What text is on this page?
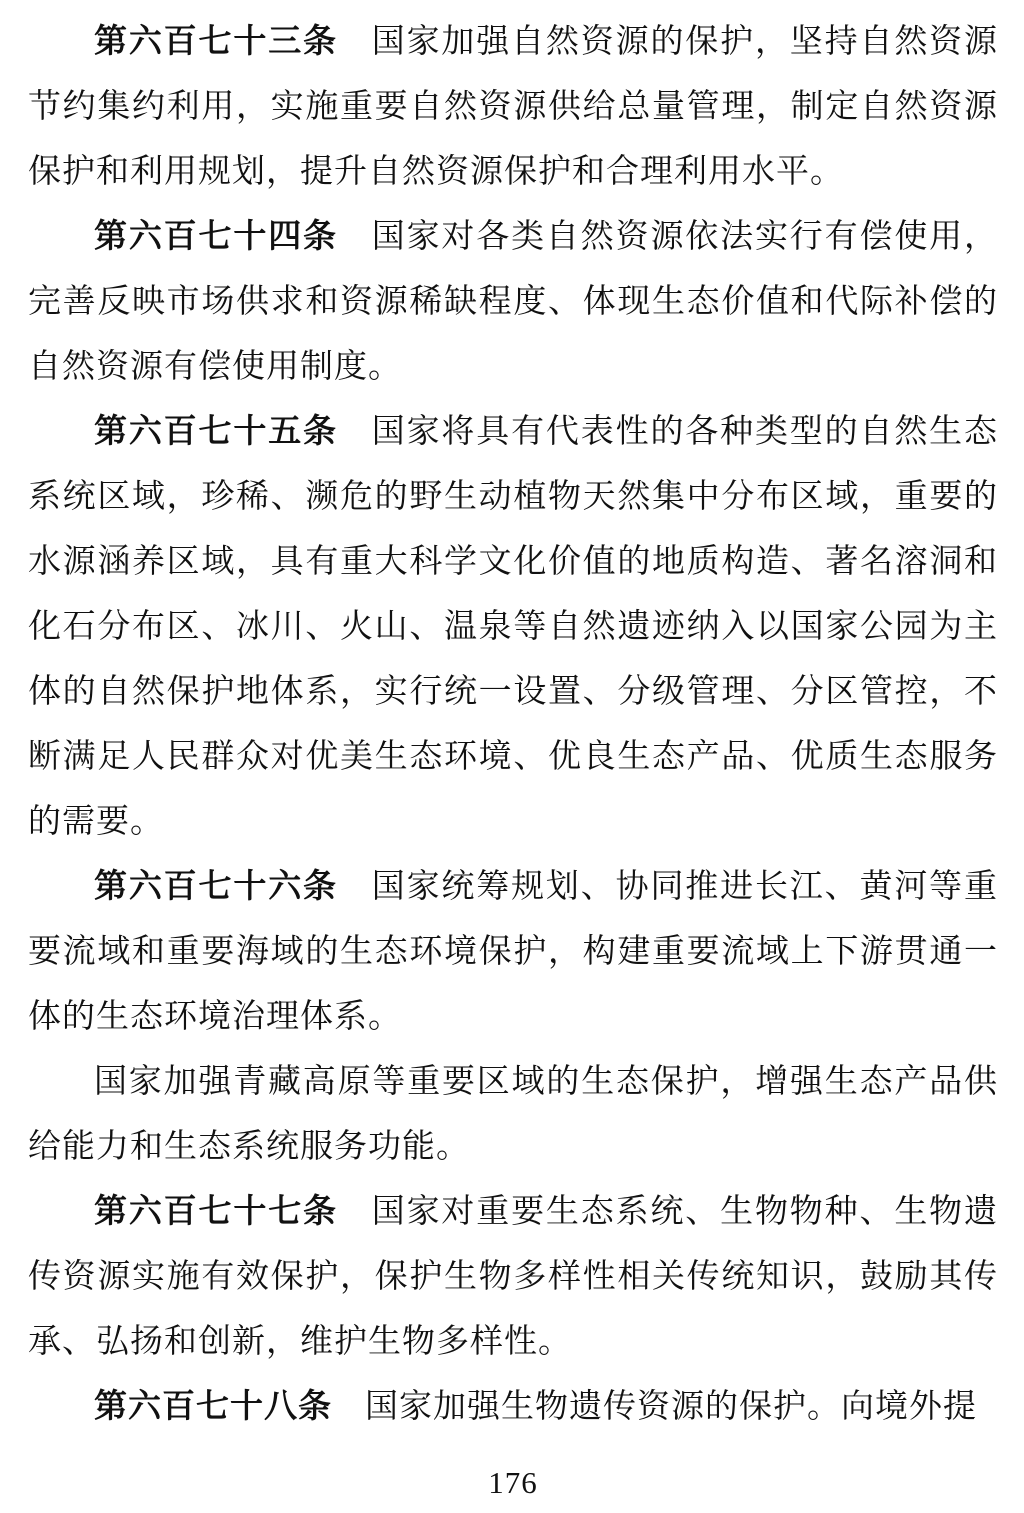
第六百七十三条 国家加强自然资源的保护，坚持自然资源节约集约利用，实施重要自然资源供给总量管理，制定自然资源保护和利用规划，提升自然资源保护和合理利用水平。

第六百七十四条 国家对各类自然资源依法实行有偿使用，完善反映市场供求和资源稀缺程度、体现生态价值和代际补偿的自然资源有偿使用制度。

第六百七十五条 国家将具有代表性的各种类型的自然生态系统区域，珍稀、濒危的野生动植物天然集中分布区域，重要的水源涵养区域，具有重大科学文化价值的地质构造、著名溶洞和化石分布区、冰川、火山、温泉等自然遗迹纳入以国家公园为主体的自然保护地体系，实行统一设置、分级管理、分区管控，不断满足人民群众对优美生态环境、优良生态产品、优质生态服务的需要。

第六百七十六条 国家统筹规划、协同推进长江、黄河等重要流域和重要海域的生态环境保护，构建重要流域上下游贯通一体的生态环境治理体系。

国家加强青藏高原等重要区域的生态保护，增强生态产品供给能力和生态系统服务功能。

第六百七十七条 国家对重要生态系统、生物物种、生物遗传资源实施有效保护，保护生物多样性相关传统知识，鼓励其传承、弘扬和创新，维护生物多样性。

第六百七十八条 国家加强生物遗传资源的保护。向境外提

176
